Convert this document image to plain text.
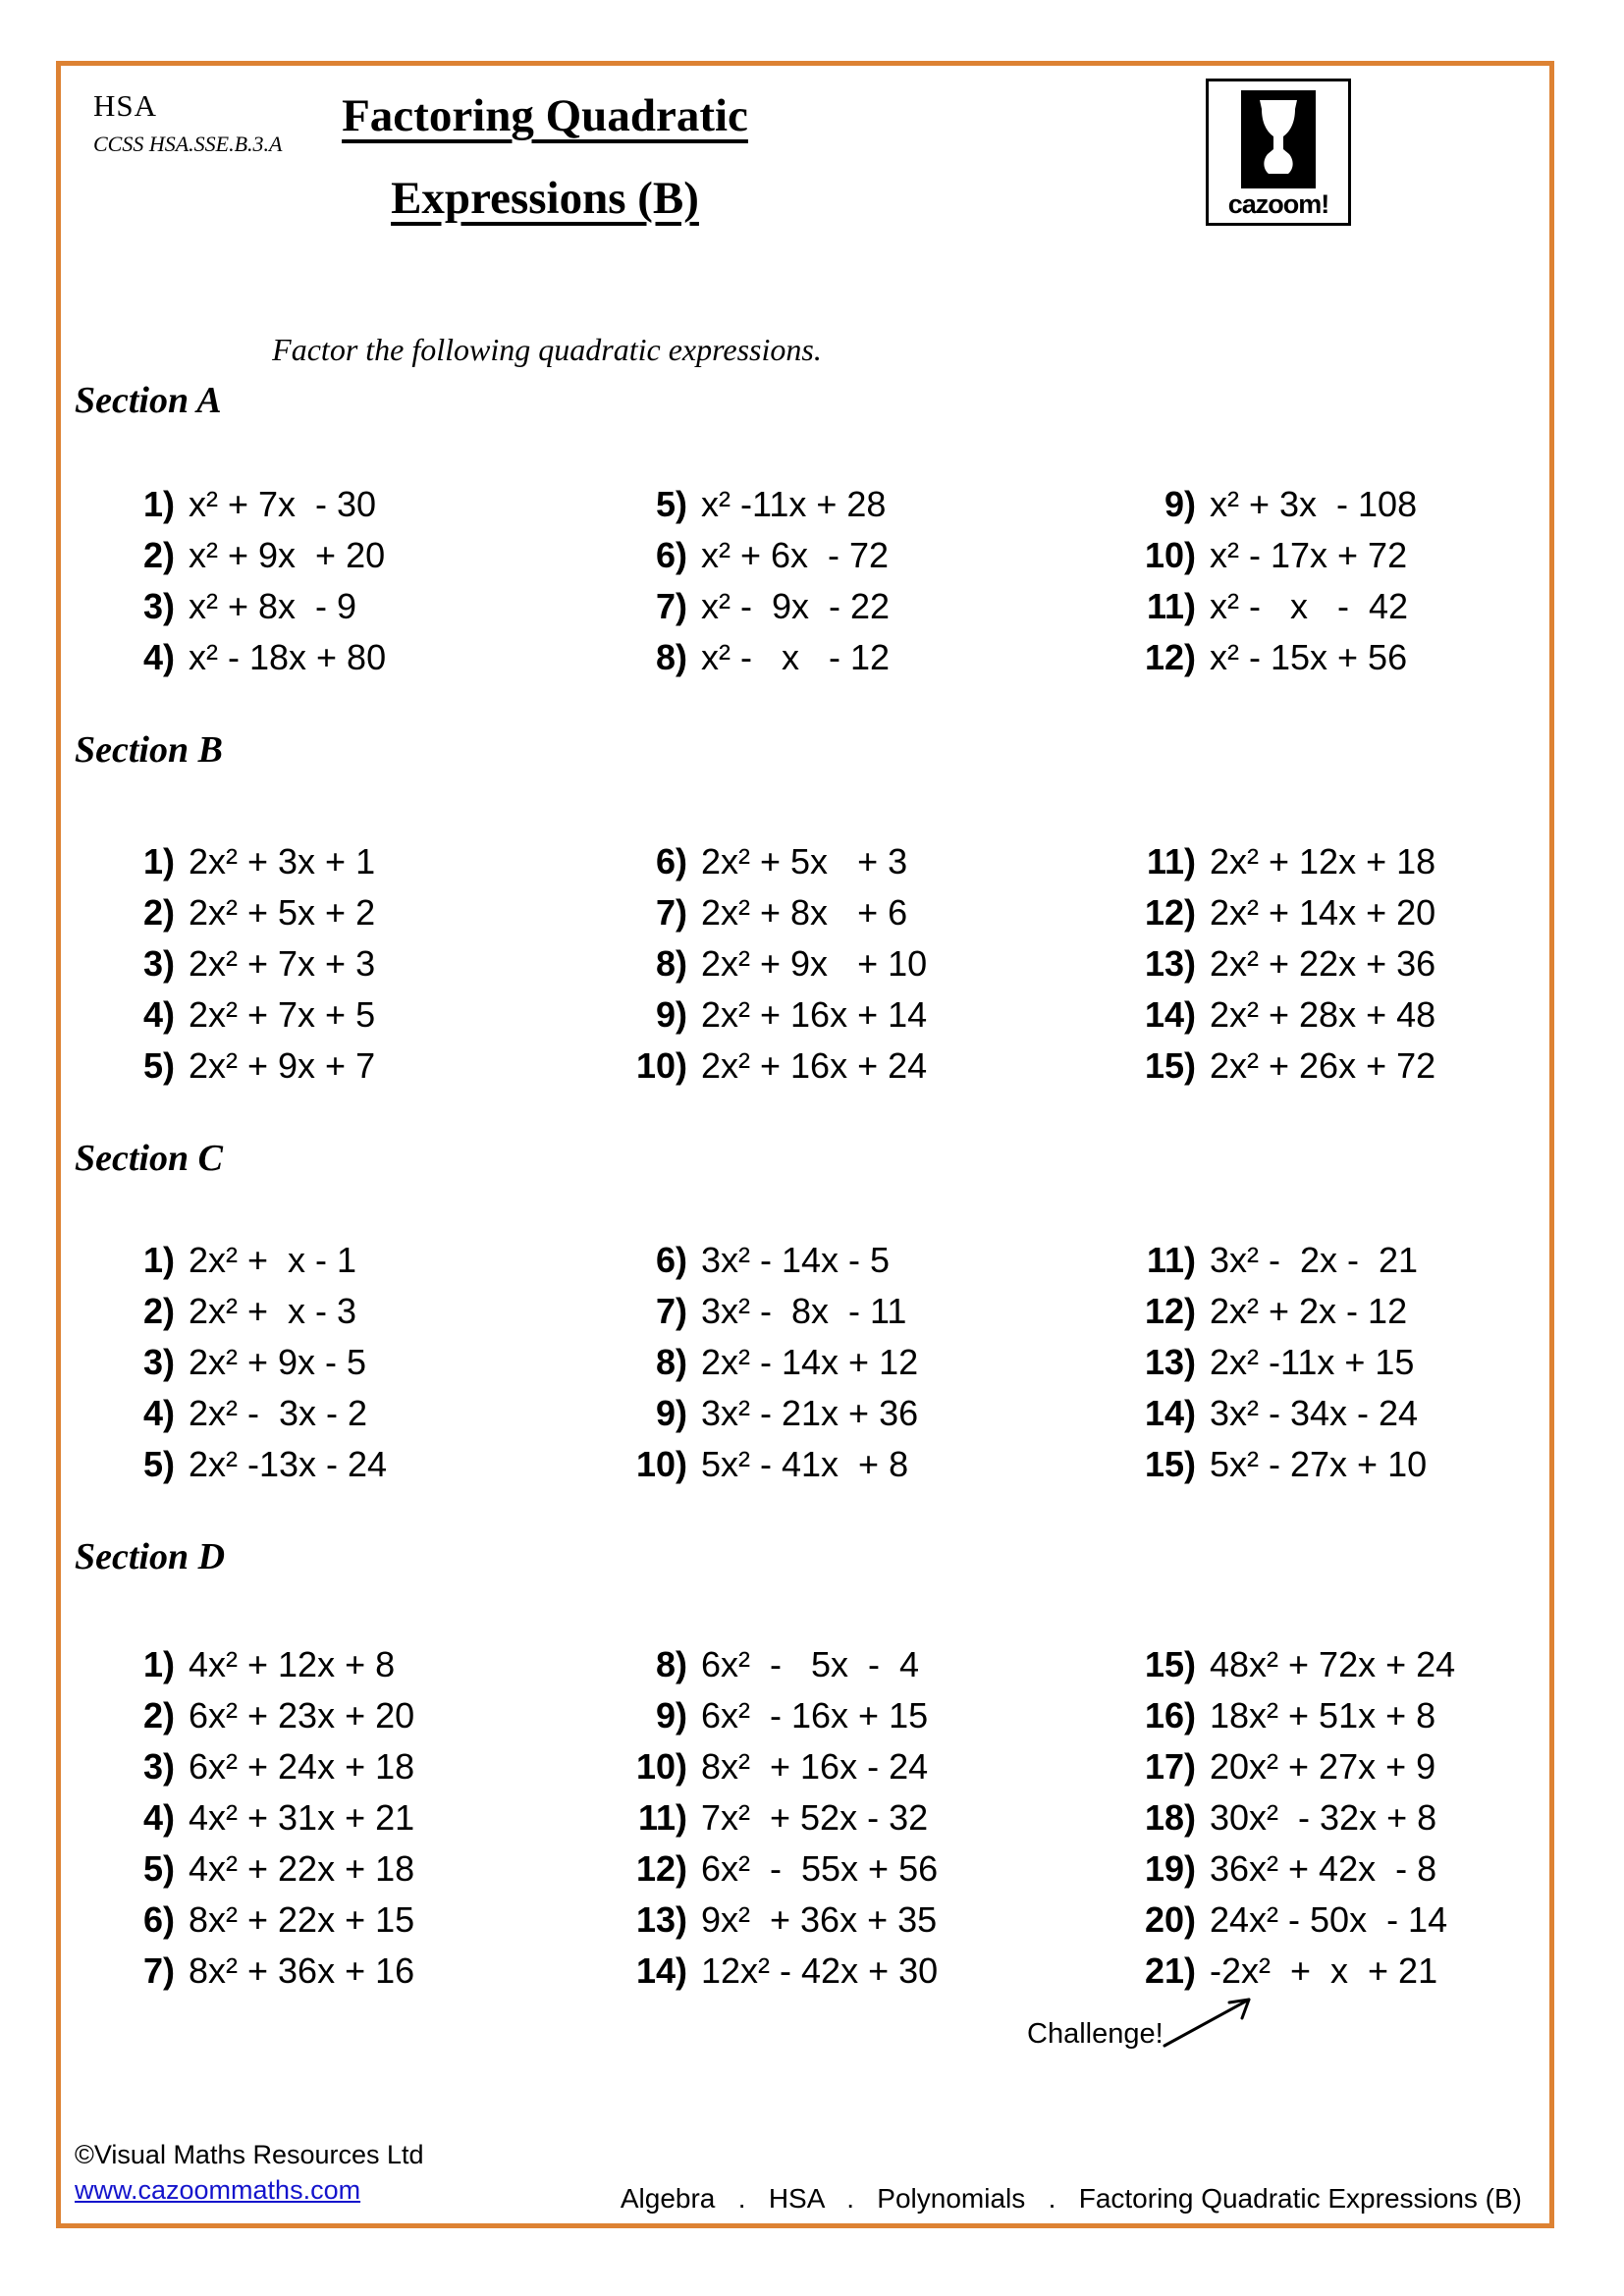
HSA
CCSS HSA.SSE.B.3.A
Factoring Quadratic
Expressions (B)	cazoom!
Factor the following quadratic expressions.
Section A
1) x² + 7x  - 30
2) x² + 9x  + 20
3) x² + 8x  - 9
4) x² - 18x + 80
5) x² -11x + 28
6) x² + 6x  - 72
7) x² -  9x  - 22
8) x² -   x   - 12
9) x² + 3x  - 108
10) x² - 17x + 72
11) x² -   x   -  42
12) x² - 15x + 56
Section B
1) 2x² + 3x + 1
2) 2x² + 5x + 2
3) 2x² + 7x + 3
4) 2x² + 7x + 5
5) 2x² + 9x + 7
6) 2x² + 5x   + 3
7) 2x² + 8x   + 6
8) 2x² + 9x   + 10
9) 2x² + 16x + 14
10) 2x² + 16x + 24
11) 2x² + 12x + 18
12) 2x² + 14x + 20
13) 2x² + 22x + 36
14) 2x² + 28x + 48
15) 2x² + 26x + 72
Section C
1) 2x² +  x - 1
2) 2x² +  x - 3
3) 2x² + 9x - 5
4) 2x² -  3x - 2
5) 2x² -13x - 24
6) 3x² - 14x - 5
7) 3x² -  8x  - 11
8) 2x² - 14x + 12
9) 3x² - 21x + 36
10) 5x² - 41x  + 8
11) 3x² -  2x -  21
12) 2x² + 2x - 12
13) 2x² -11x + 15
14) 3x² - 34x - 24
15) 5x² - 27x + 10
Section D
1) 4x² + 12x + 8
2) 6x² + 23x + 20
3) 6x² + 24x + 18
4) 4x² + 31x + 21
5) 4x² + 22x + 18
6) 8x² + 22x + 15
7) 8x² + 36x + 16
8) 6x²  -   5x  -  4
9) 6x²  - 16x + 15
10) 8x²  + 16x - 24
11) 7x²  + 52x - 32
12) 6x²  -  55x + 56
13) 9x²  + 36x + 35
14) 12x² - 42x + 30
15) 48x² + 72x + 24
16) 18x² + 51x + 8
17) 20x² + 27x + 9
18) 30x²  - 32x + 8
19) 36x² + 42x  - 8
20) 24x² - 50x  - 14
21) -2x²  +  x  + 21
Challenge!
©Visual Maths Resources Ltd
www.cazoommaths.com	Algebra   .   HSA   .   Polynomials   .   Factoring Quadratic Expressions (B)
